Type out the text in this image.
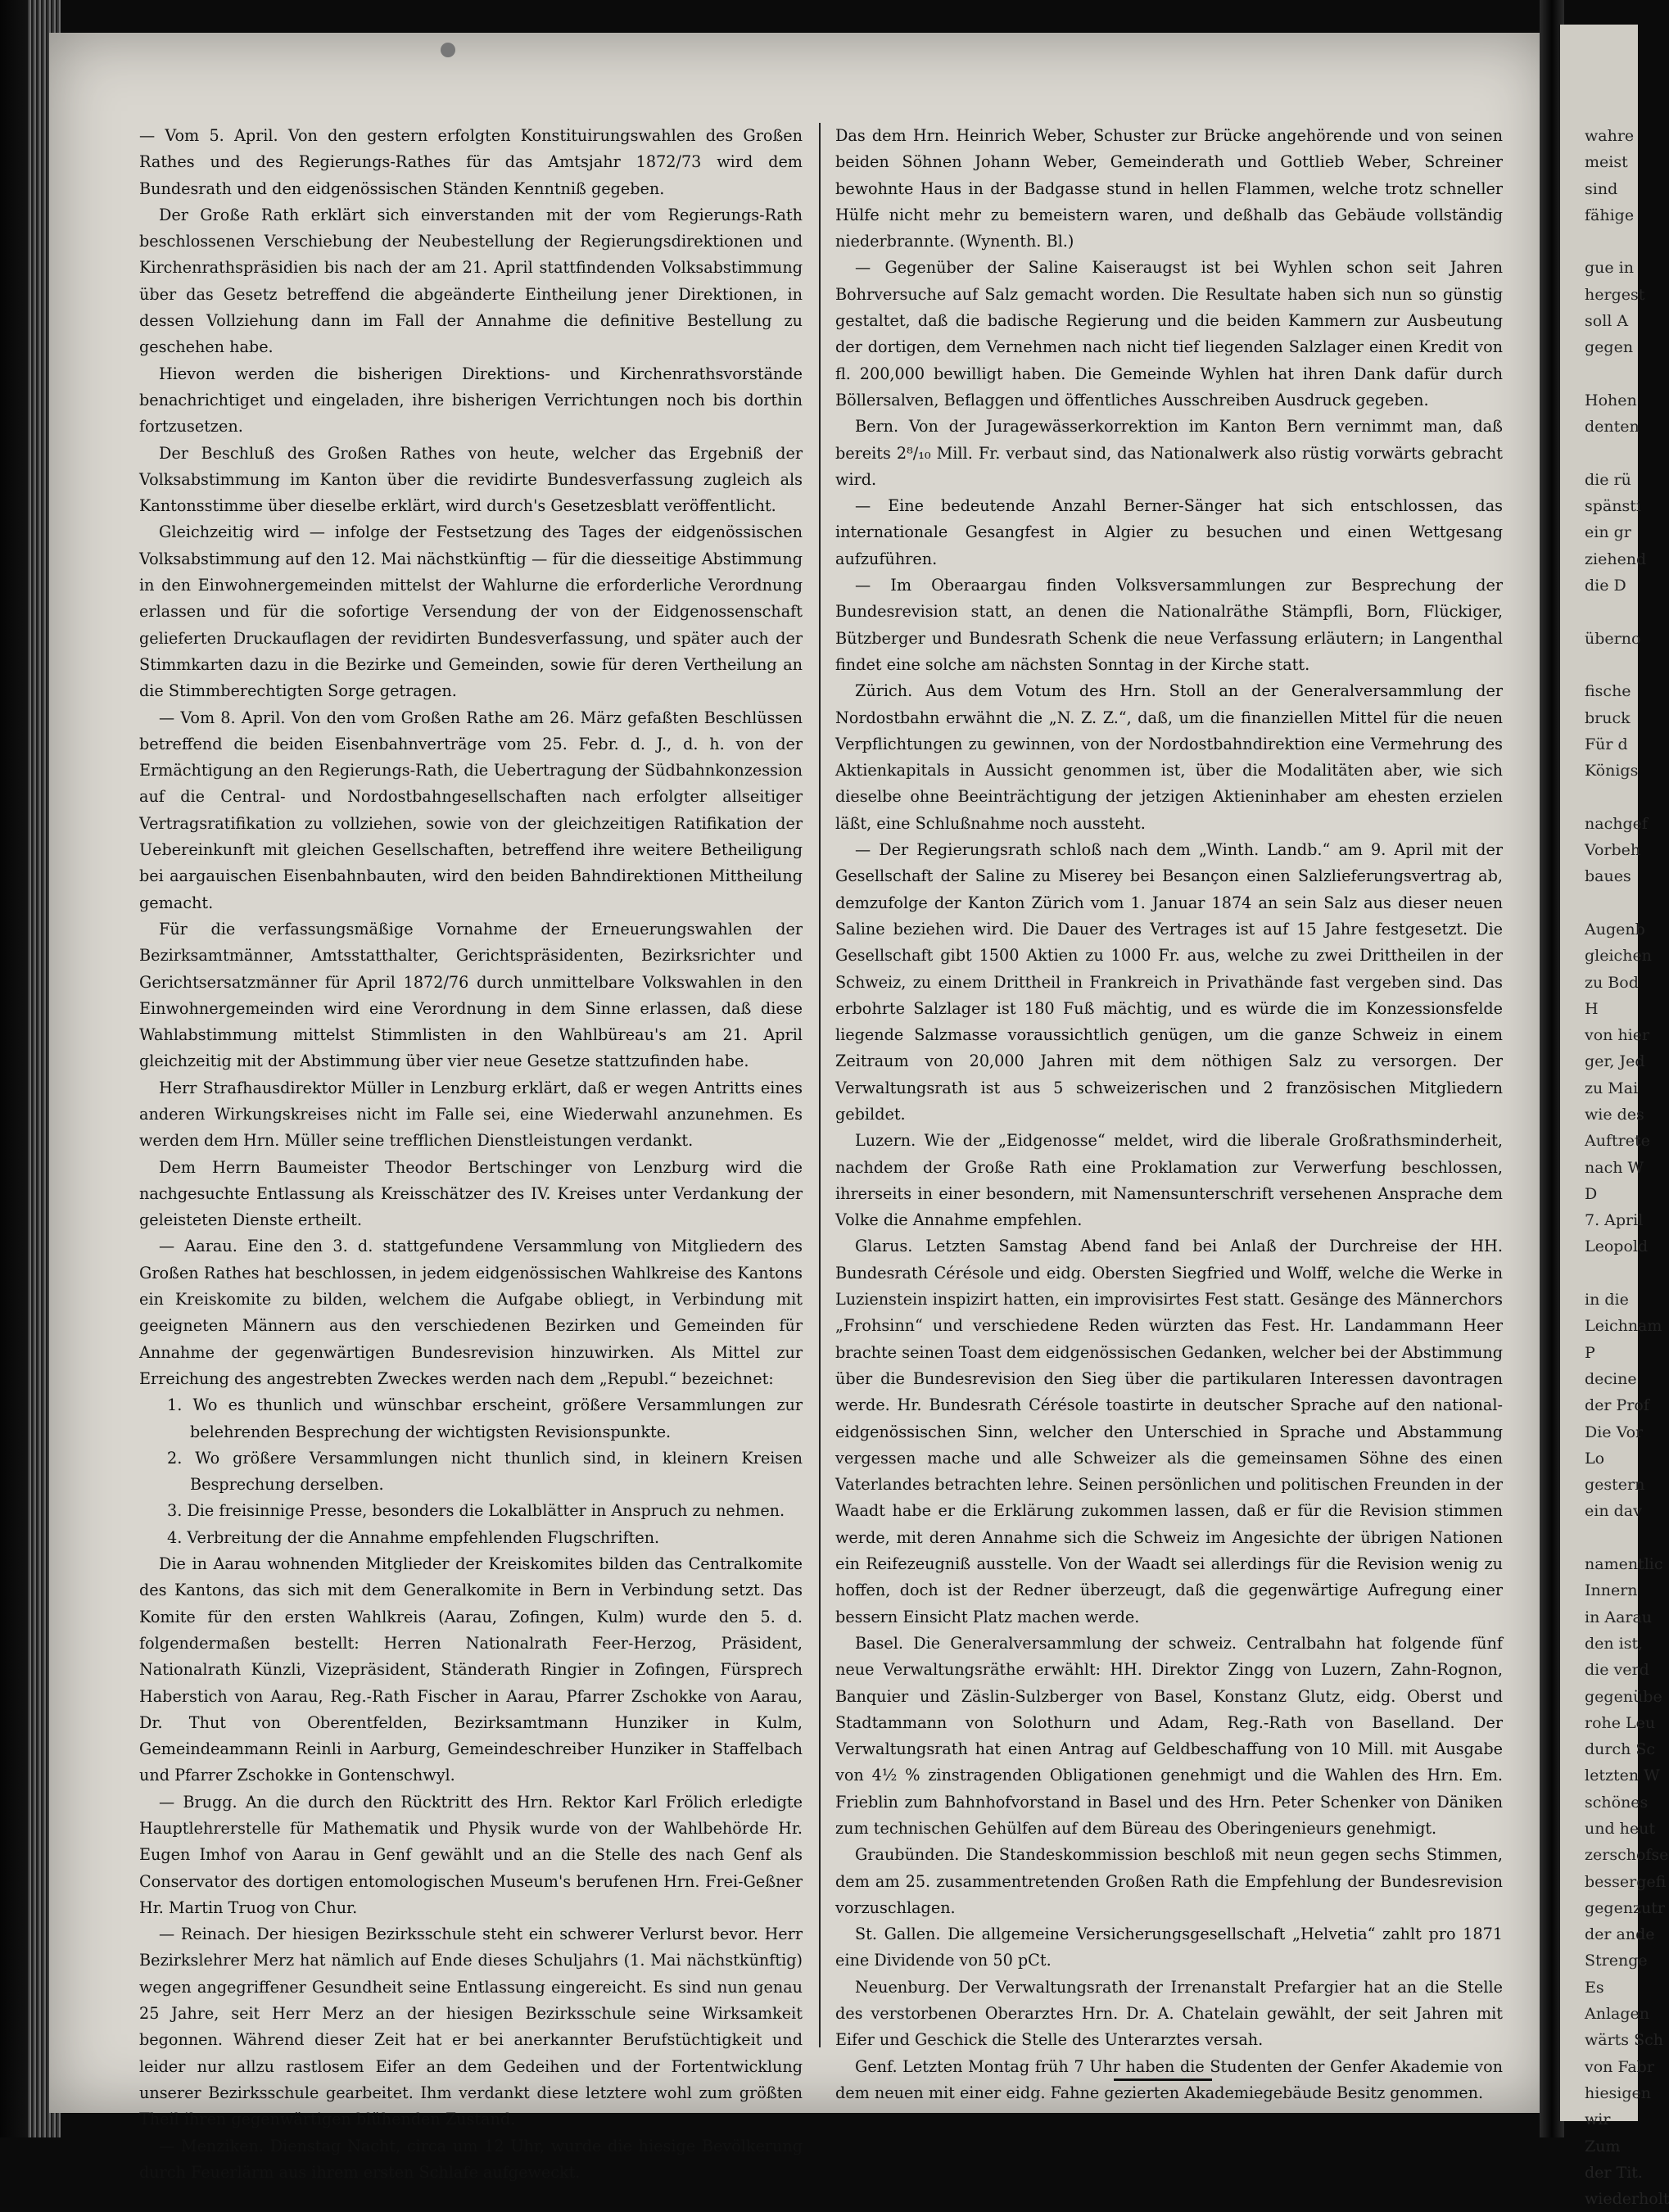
— Vom 5. April. Von den gestern erfolgten Konstituirungswahlen des Großen Rathes und des Regierungs-Rathes für das Amtsjahr 1872/73 wird dem Bundesrath und den eidgenössischen Ständen Kenntniß gegeben.

Der Große Rath erklärt sich einverstanden mit der vom Regierungs-Rath beschlossenen Verschiebung der Neubestellung der Regierungsdirektionen und Kirchenrathspräsidien bis nach der am 21. April stattfindenden Volksabstimmung über das Gesetz betreffend die abgeänderte Eintheilung jener Direktionen, in dessen Vollziehung dann im Fall der Annahme die definitive Bestellung zu geschehen habe.

Hievon werden die bisherigen Direktions- und Kirchenrathsvorstände benachrichtiget und eingeladen, ihre bisherigen Verrichtungen noch bis dorthin fortzusetzen.

Der Beschluß des Großen Rathes von heute, welcher das Ergebniß der Volksabstimmung im Kanton über die revidirte Bundesverfassung zugleich als Kantonsstimme über dieselbe erklärt, wird durch's Gesetzesblatt veröffentlicht.

Gleichzeitig wird — infolge der Festsetzung des Tages der eidgenössischen Volksabstimmung auf den 12. Mai nächstkünftig — für die diesseitige Abstimmung in den Einwohnergemeinden mittelst der Wahlurne die erforderliche Verordnung erlassen und für die sofortige Versendung der von der Eidgenossenschaft gelieferten Druckauflagen der revidirten Bundesverfassung, und später auch der Stimmkarten dazu in die Bezirke und Gemeinden, sowie für deren Vertheilung an die Stimmberechtigten Sorge getragen.

— Vom 8. April. Von den vom Großen Rathe am 26. März gefaßten Beschlüssen betreffend die beiden Eisenbahnverträge vom 25. Febr. d. J., d. h. von der Ermächtigung an den Regierungs-Rath, die Uebertragung der Südbahnkonzession auf die Central- und Nordostbahngesellschaften nach erfolgter allseitiger Vertragsratifikation zu vollziehen, sowie von der gleichzeitigen Ratifikation der Uebereinkunft mit gleichen Gesellschaften, betreffend ihre weitere Betheiligung bei aargauischen Eisenbahnbauten, wird den beiden Bahndirektionen Mittheilung gemacht.

Für die verfassungsmäßige Vornahme der Erneuerungswahlen der Bezirksamtmänner, Amtsstatthalter, Gerichtspräsidenten, Bezirksrichter und Gerichtsersatzmänner für April 1872/76 durch unmittelbare Volkswahlen in den Einwohnergemeinden wird eine Verordnung in dem Sinne erlassen, daß diese Wahlabstimmung mittelst Stimmlisten in den Wahlbüreau's am 21. April gleichzeitig mit der Abstimmung über vier neue Gesetze stattzufinden habe.

Herr Strafhausdirektor Müller in Lenzburg erklärt, daß er wegen Antritts eines anderen Wirkungskreises nicht im Falle sei, eine Wiederwahl anzunehmen. Es werden dem Hrn. Müller seine trefflichen Dienstleistungen verdankt.

Dem Herrn Baumeister Theodor Bertschinger von Lenzburg wird die nachgesuchte Entlassung als Kreisschätzer des IV. Kreises unter Verdankung der geleisteten Dienste ertheilt.

— Aarau. Eine den 3. d. stattgefundene Versammlung von Mitgliedern des Großen Rathes hat beschlossen, in jedem eidgenössischen Wahlkreise des Kantons ein Kreiskomite zu bilden, welchem die Aufgabe obliegt, in Verbindung mit geeigneten Männern aus den verschiedenen Bezirken und Gemeinden für Annahme der gegenwärtigen Bundesrevision hinzuwirken. Als Mittel zur Erreichung des angestrebten Zweckes werden nach dem „Republ.“ bezeichnet:

1. Wo es thunlich und wünschbar erscheint, größere Versammlungen zur belehrenden Besprechung der wichtigsten Revisionspunkte.

2. Wo größere Versammlungen nicht thunlich sind, in kleinern Kreisen Besprechung derselben.

3. Die freisinnige Presse, besonders die Lokalblätter in Anspruch zu nehmen.

4. Verbreitung der die Annahme empfehlenden Flugschriften.

Die in Aarau wohnenden Mitglieder der Kreiskomites bilden das Centralkomite des Kantons, das sich mit dem Generalkomite in Bern in Verbindung setzt. Das Komite für den ersten Wahlkreis (Aarau, Zofingen, Kulm) wurde den 5. d. folgendermaßen bestellt: Herren Nationalrath Feer-Herzog, Präsident, Nationalrath Künzli, Vizepräsident, Ständerath Ringier in Zofingen, Fürsprech Haberstich von Aarau, Reg.-Rath Fischer in Aarau, Pfarrer Zschokke von Aarau, Dr. Thut von Oberentfelden, Bezirksamtmann Hunziker in Kulm, Gemeindeammann Reinli in Aarburg, Gemeindeschreiber Hunziker in Staffelbach und Pfarrer Zschokke in Gontenschwyl.

— Brugg. An die durch den Rücktritt des Hrn. Rektor Karl Frölich erledigte Hauptlehrerstelle für Mathematik und Physik wurde von der Wahlbehörde Hr. Eugen Imhof von Aarau in Genf gewählt und an die Stelle des nach Genf als Conservator des dortigen entomologischen Museum's berufenen Hrn. Frei-Geßner Hr. Martin Truog von Chur.

— Reinach. Der hiesigen Bezirksschule steht ein schwerer Verlurst bevor. Herr Bezirkslehrer Merz hat nämlich auf Ende dieses Schuljahrs (1. Mai nächstkünftig) wegen angegriffener Gesundheit seine Entlassung eingereicht. Es sind nun genau 25 Jahre, seit Herr Merz an der hiesigen Bezirksschule seine Wirksamkeit begonnen. Während dieser Zeit hat er bei anerkannter Berufstüchtigkeit und leider nur allzu rastlosem Eifer an dem Gedeihen und der Fortentwicklung unserer Bezirksschule gearbeitet. Ihm verdankt diese letztere wohl zum größten Theil ihren gegenwärtigen blühenden Zustand.

— Menziken. Dienstag Nacht, circa um 12 Uhr, wurde die hiesige Bevölkerung durch Feuerlärm aus ihrem ersten Schlafe aufgeweckt.

Das dem Hrn. Heinrich Weber, Schuster zur Brücke angehörende und von seinen beiden Söhnen Johann Weber, Gemeinderath und Gottlieb Weber, Schreiner bewohnte Haus in der Badgasse stund in hellen Flammen, welche trotz schneller Hülfe nicht mehr zu bemeistern waren, und deßhalb das Gebäude vollständig niederbrannte. (Wynenth. Bl.)

— Gegenüber der Saline Kaiseraugst ist bei Wyhlen schon seit Jahren Bohrversuche auf Salz gemacht worden. Die Resultate haben sich nun so günstig gestaltet, daß die badische Regierung und die beiden Kammern zur Ausbeutung der dortigen, dem Vernehmen nach nicht tief liegenden Salzlager einen Kredit von fl. 200,000 bewilligt haben. Die Gemeinde Wyhlen hat ihren Dank dafür durch Böllersalven, Beflaggen und öffentliches Ausschreiben Ausdruck gegeben.

Bern. Von der Juragewässerkorrektion im Kanton Bern vernimmt man, daß bereits 2⁸/₁₀ Mill. Fr. verbaut sind, das Nationalwerk also rüstig vorwärts gebracht wird.

— Eine bedeutende Anzahl Berner-Sänger hat sich entschlossen, das internationale Gesangfest in Algier zu besuchen und einen Wettgesang aufzuführen.

— Im Oberaargau finden Volksversammlungen zur Besprechung der Bundesrevision statt, an denen die Nationalräthe Stämpfli, Born, Flückiger, Bützberger und Bundesrath Schenk die neue Verfassung erläutern; in Langenthal findet eine solche am nächsten Sonntag in der Kirche statt.

Zürich. Aus dem Votum des Hrn. Stoll an der Generalversammlung der Nordostbahn erwähnt die „N. Z. Z.“, daß, um die finanziellen Mittel für die neuen Verpflichtungen zu gewinnen, von der Nordostbahndirektion eine Vermehrung des Aktienkapitals in Aussicht genommen ist, über die Modalitäten aber, wie sich dieselbe ohne Beeinträchtigung der jetzigen Aktieninhaber am ehesten erzielen läßt, eine Schlußnahme noch aussteht.

— Der Regierungsrath schloß nach dem „Winth. Landb.“ am 9. April mit der Gesellschaft der Saline zu Miserey bei Besançon einen Salzlieferungsvertrag ab, demzufolge der Kanton Zürich vom 1. Januar 1874 an sein Salz aus dieser neuen Saline beziehen wird. Die Dauer des Vertrages ist auf 15 Jahre festgesetzt. Die Gesellschaft gibt 1500 Aktien zu 1000 Fr. aus, welche zu zwei Drittheilen in der Schweiz, zu einem Drittheil in Frankreich in Privathände fast vergeben sind. Das erbohrte Salzlager ist 180 Fuß mächtig, und es würde die im Konzessionsfelde liegende Salzmasse voraussichtlich genügen, um die ganze Schweiz in einem Zeitraum von 20,000 Jahren mit dem nöthigen Salz zu versorgen. Der Verwaltungsrath ist aus 5 schweizerischen und 2 französischen Mitgliedern gebildet.

Luzern. Wie der „Eidgenosse“ meldet, wird die liberale Großrathsminderheit, nachdem der Große Rath eine Proklamation zur Verwerfung beschlossen, ihrerseits in einer besondern, mit Namensunterschrift versehenen Ansprache dem Volke die Annahme empfehlen.

Glarus. Letzten Samstag Abend fand bei Anlaß der Durchreise der HH. Bundesrath Cérésole und eidg. Obersten Siegfried und Wolff, welche die Werke in Luzienstein inspizirt hatten, ein improvisirtes Fest statt. Gesänge des Männerchors „Frohsinn“ und verschiedene Reden würzten das Fest. Hr. Landammann Heer brachte seinen Toast dem eidgenössischen Gedanken, welcher bei der Abstimmung über die Bundesrevision den Sieg über die partikularen Interessen davontragen werde. Hr. Bundesrath Cérésole toastirte in deutscher Sprache auf den national-eidgenössischen Sinn, welcher den Unterschied in Sprache und Abstammung vergessen mache und alle Schweizer als die gemeinsamen Söhne des einen Vaterlandes betrachten lehre. Seinen persönlichen und politischen Freunden in der Waadt habe er die Erklärung zukommen lassen, daß er für die Revision stimmen werde, mit deren Annahme sich die Schweiz im Angesichte der übrigen Nationen ein Reifezeugniß ausstelle. Von der Waadt sei allerdings für die Revision wenig zu hoffen, doch ist der Redner überzeugt, daß die gegenwärtige Aufregung einer bessern Einsicht Platz machen werde.

Basel. Die Generalversammlung der schweiz. Centralbahn hat folgende fünf neue Verwaltungsräthe erwählt: HH. Direktor Zingg von Luzern, Zahn-Rognon, Banquier und Zäslin-Sulzberger von Basel, Konstanz Glutz, eidg. Oberst und Stadtammann von Solothurn und Adam, Reg.-Rath von Baselland. Der Verwaltungsrath hat einen Antrag auf Geldbeschaffung von 10 Mill. mit Ausgabe von 4½ % zinstragenden Obligationen genehmigt und die Wahlen des Hrn. Em. Frieblin zum Bahnhofvorstand in Basel und des Hrn. Peter Schenker von Däniken zum technischen Gehülfen auf dem Büreau des Oberingenieurs genehmigt.

Graubünden. Die Standeskommission beschloß mit neun gegen sechs Stimmen, dem am 25. zusammentretenden Großen Rath die Empfehlung der Bundesrevision vorzuschlagen.

St. Gallen. Die allgemeine Versicherungsgesellschaft „Helvetia“ zahlt pro 1871 eine Dividende von 50 pCt.

Neuenburg. Der Verwaltungsrath der Irrenanstalt Prefargier hat an die Stelle des verstorbenen Oberarztes Hrn. Dr. A. Chatelain gewählt, der seit Jahren mit Eifer und Geschick die Stelle des Unterarztes versah.

Genf. Letzten Montag früh 7 Uhr haben die Studenten der Genfer Akademie von dem neuen mit einer eidg. Fahne gezierten Akademiegebäude Besitz genommen.

wahre
meist
sind
fähige
gue in
hergest
soll A
gegen
Hohen
denten
die rü
spänsti
ein gr
ziehend
die D
überno
fische
bruck
Für d
Königs
nachgef
Vorbeh
baues
Augenb
gleichen
zu Bod
H
von hier
ger, Jed
zu Mai
wie des
Auftrete
nach W
D
7. April
Leopold
in die
Leichnam
P
decine
der Prof
Die Vor
Lo
gestern
ein dav
namentlic
Innern
in Aarau
den ist,
die verd
gegenübe
rohe Leu
durch Sc
letzten W
schönes
und heut
zerschofse
bessergefi
gegenzutr
der ande
Strenge
Es
Anlagen
wärts Sch
von Fabr
hiesigen
wir
Zum
der Tit.
wiederholt
